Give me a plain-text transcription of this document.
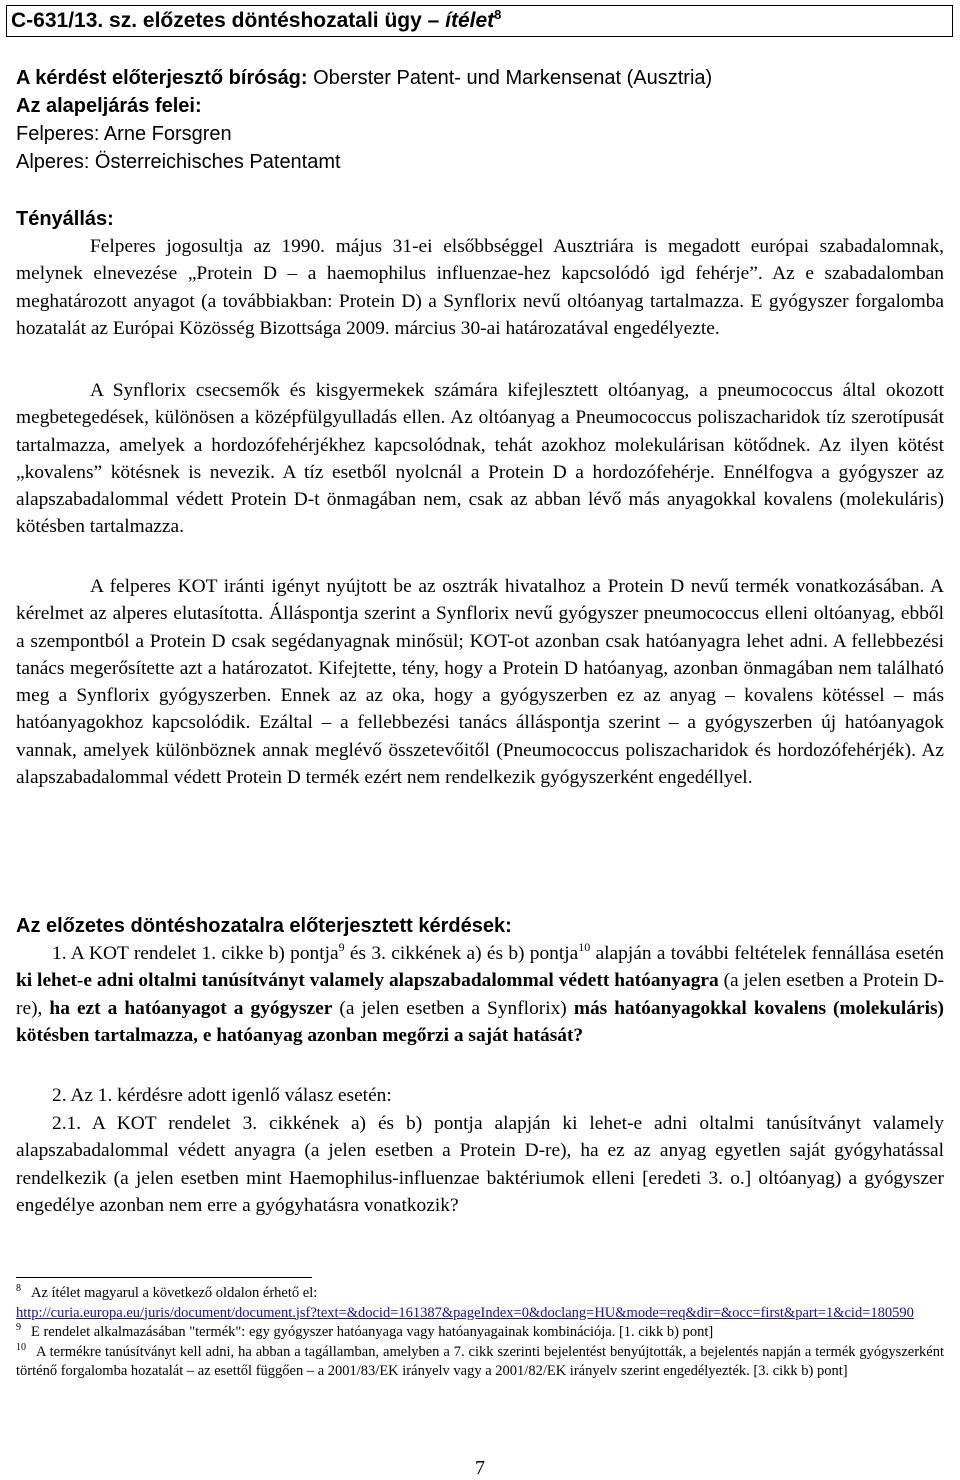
C-631/13. sz. előzetes döntéshozatali ügy – ítélet$^8$
A kérdést előterjesztő bíróság: Oberster Patent- und Markensenat (Ausztria)
Az alapeljárás felei:
Felperes: Arne Forsgren
Alperes: Österreichisches Patentamt
Tényállás:
Felperes jogosultja az 1990. május 31-ei elsőbbséggel Ausztriára is megadott európai szabadalomnak, melynek elnevezése „Protein D – a haemophilus influenzae-hez kapcsolódó igd fehérje”. Az e szabadalomban meghatározott anyagot (a továbbiakban: Protein D) a Synflorix nevű oltóanyag tartalmazza. E gyógyszer forgalomba hozatalát az Európai Közösség Bizottsága 2009. március 30-ai határozatával engedélyezte.
A Synflorix csecsemők és kisgyermekek számára kifejlesztett oltóanyag, a pneumococcus által okozott megbetegedések, különösen a középfülgyulladás ellen. Az oltóanyag a Pneumococcus poliszacharidok tíz szerotípusát tartalmazza, amelyek a hordozófehérjékhez kapcsolódnak, tehát azokhoz molekulárisan kötődnek. Az ilyen kötést „kovalens” kötésnek is nevezik. A tíz esetből nyolcnál a Protein D a hordozófehérje. Ennélfogva a gyógyszer az alapszabadalommal védett Protein D-t önmagában nem, csak az abban lévő más anyagokkal kovalens (molekuláris) kötésben tartalmazza.
A felperes KOT iránti igényt nyújtott be az osztrák hivatalhoz a Protein D nevű termék vonatkozásában. A kérelmet az alperes elutasította. Álláspontja szerint a Synflorix nevű gyógyszer pneumococcus elleni oltóanyag, ebből a szempontból a Protein D csak segédanyagnak minősül; KOT-ot azonban csak hatóanyagra lehet adni. A fellebbezési tanács megerősítette azt a határozatot. Kifejtette, tény, hogy a Protein D hatóanyag, azonban önmagában nem található meg a Synflorix gyógyszerben. Ennek az az oka, hogy a gyógyszerben ez az anyag – kovalens kötéssel – más hatóanyagokhoz kapcsolódik. Ezáltal – a fellebbezési tanács álláspontja szerint – a gyógyszerben új hatóanyagok vannak, amelyek különböznek annak meglévő összetevőitől (Pneumococcus poliszacharidok és hordozófehérjék). Az alapszabadalommal védett Protein D termék ezért nem rendelkezik gyógyszerként engedéllyel.
Az előzetes döntéshozatalra előterjesztett kérdések:
1. A KOT rendelet 1. cikke b) pontja$^9$ és 3. cikkének a) és b) pontja$^{10}$ alapján a további feltételek fennállása esetén ki lehet-e adni oltalmi tanúsítványt valamely alapszabadalommal védett hatóanyagra (a jelen esetben a Protein D-re), ha ezt a hatóanyagot a gyógyszer (a jelen esetben a Synflorix) más hatóanyagokkal kovalens (molekuláris) kötésben tartalmazza, e hatóanyag azonban megőrzi a saját hatását?
2. Az 1. kérdésre adott igenlő válasz esetén:
2.1. A KOT rendelet 3. cikkének a) és b) pontja alapján ki lehet-e adni oltalmi tanúsítványt valamely alapszabadalommal védett anyagra (a jelen esetben a Protein D-re), ha ez az anyag egyetlen saját gyógyhatással rendelkezik (a jelen esetben mint Haemophilus-influenzae baktériumok elleni [eredeti 3. o.] oltóanyag) a gyógyszer engedélye azonban nem erre a gyógyhatásra vonatkozik?

$^8$ Az ítélet magyarul a következő oldalon érhető el:
http://curia.europa.eu/juris/document/document.jsf?text=&docid=161387&pageIndex=0&doclang=HU&mode=req&dir=&occ=first&part=1&cid=180590

$^9$ E rendelet alkalmazásában "termék": egy gyógyszer hatóanyaga vagy hatóanyagainak kombinációja. [1. cikk b) pont]

$^{10}$ A termékre tanúsítványt kell adni, ha abban a tagállamban, amelyben a 7. cikk szerinti bejelentést benyújtották, a bejelentés napján a termék gyógyszerként történő forgalomba hozatalát – az esettől függően – a 2001/83/EK irányelv vagy a 2001/82/EK irányelv szerint engedélyezték. [3. cikk b) pont]

7
